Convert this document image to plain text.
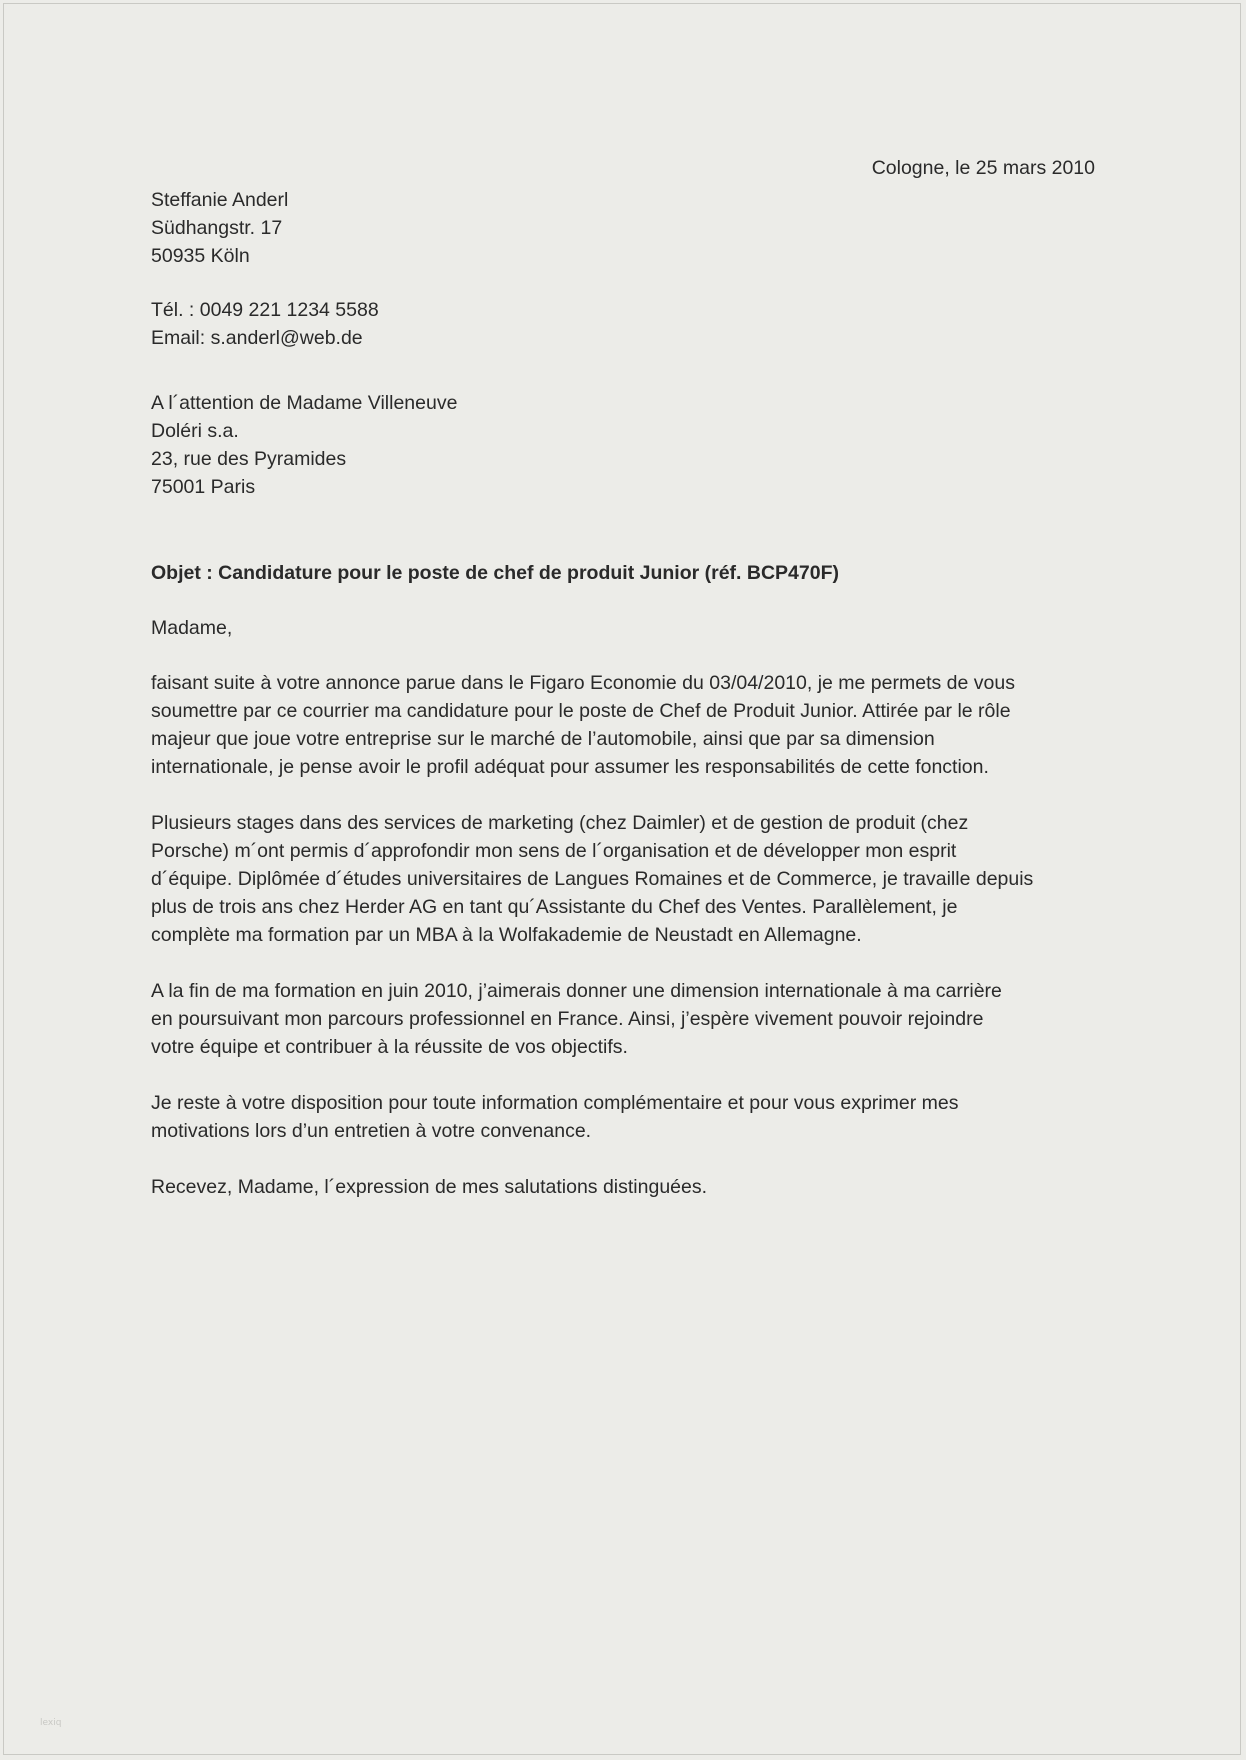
Cologne, le 25 mars 2010
Steffanie Anderl
Südhangstr. 17
50935 Köln
Tél. : 0049 221 1234 5588
Email: s.anderl@web.de
A l´attention de Madame Villeneuve
Doléri s.a.
23, rue des Pyramides
75001 Paris
Objet : Candidature pour le poste de chef de produit Junior (réf. BCP470F)
Madame,
faisant suite à votre annonce parue dans le Figaro Economie du 03/04/2010, je me permets de vous
soumettre par ce courrier ma candidature pour le poste de Chef de Produit Junior. Attirée par le rôle
majeur que joue votre entreprise sur le marché de l’automobile, ainsi que par sa dimension
internationale, je pense avoir le profil adéquat pour assumer les responsabilités de cette fonction.
Plusieurs stages dans des services de marketing (chez Daimler) et de gestion de produit (chez
Porsche) m´ont permis d´approfondir mon sens de l´organisation et de développer mon esprit
d´équipe. Diplômée d´études universitaires de Langues Romaines et de Commerce, je travaille depuis
plus de trois ans chez Herder AG en tant qu´Assistante du Chef des Ventes. Parallèlement, je
complète ma formation par un MBA à la Wolfakademie de Neustadt en Allemagne.
A la fin de ma formation en juin 2010, j’aimerais donner une dimension internationale à ma carrière
en poursuivant mon parcours professionnel en France. Ainsi, j’espère vivement pouvoir rejoindre
votre équipe et contribuer à la réussite de vos objectifs.
Je reste à votre disposition pour toute information complémentaire et pour vous exprimer mes
motivations lors d’un entretien à votre convenance.
Recevez, Madame, l´expression de mes salutations distinguées.
lexiq
